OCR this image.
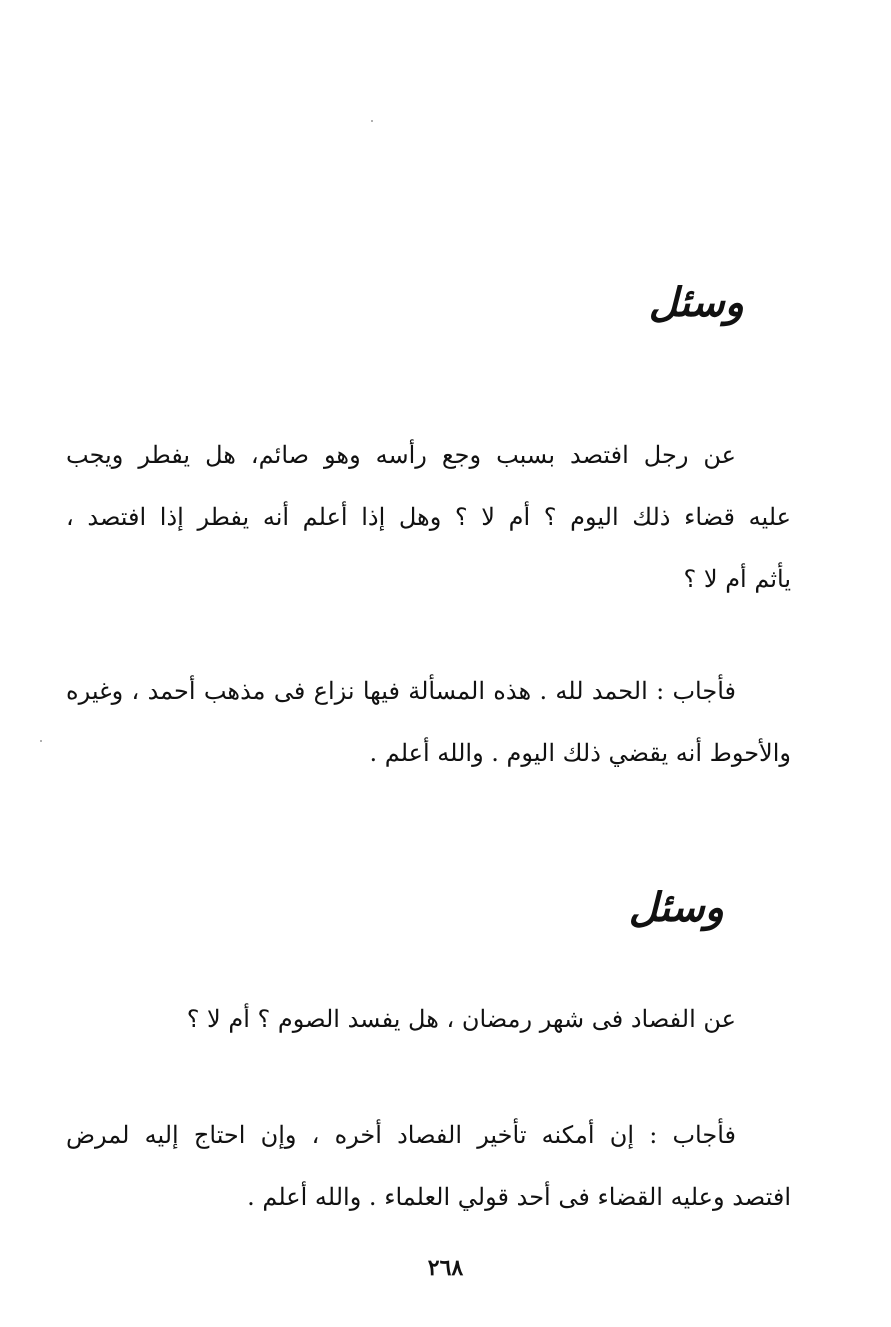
وسئل

عن رجل افتصد بسبب وجع رأسه وهو صائم، هل يفطر ويجب
عليه قضاء ذلك اليوم ؟ أم لا ؟ وهل إذا أعلم أنه يفطر إذا افتصد ،
يأثم أم لا ؟

فأجاب : الحمد لله . هذه المسألة فيها نزاع فى مذهب أحمد ، وغيره
والأحوط أنه يقضي ذلك اليوم . والله أعلم .

وسئل

عن الفصاد فى شهر رمضان ، هل يفسد الصوم ؟ أم لا ؟

فأجاب : إن أمكنه تأخير الفصاد أخره ، وإن احتاج إليه لمرض
افتصد وعليه القضاء فى أحد قولي العلماء . والله أعلم .

٢٦٨
